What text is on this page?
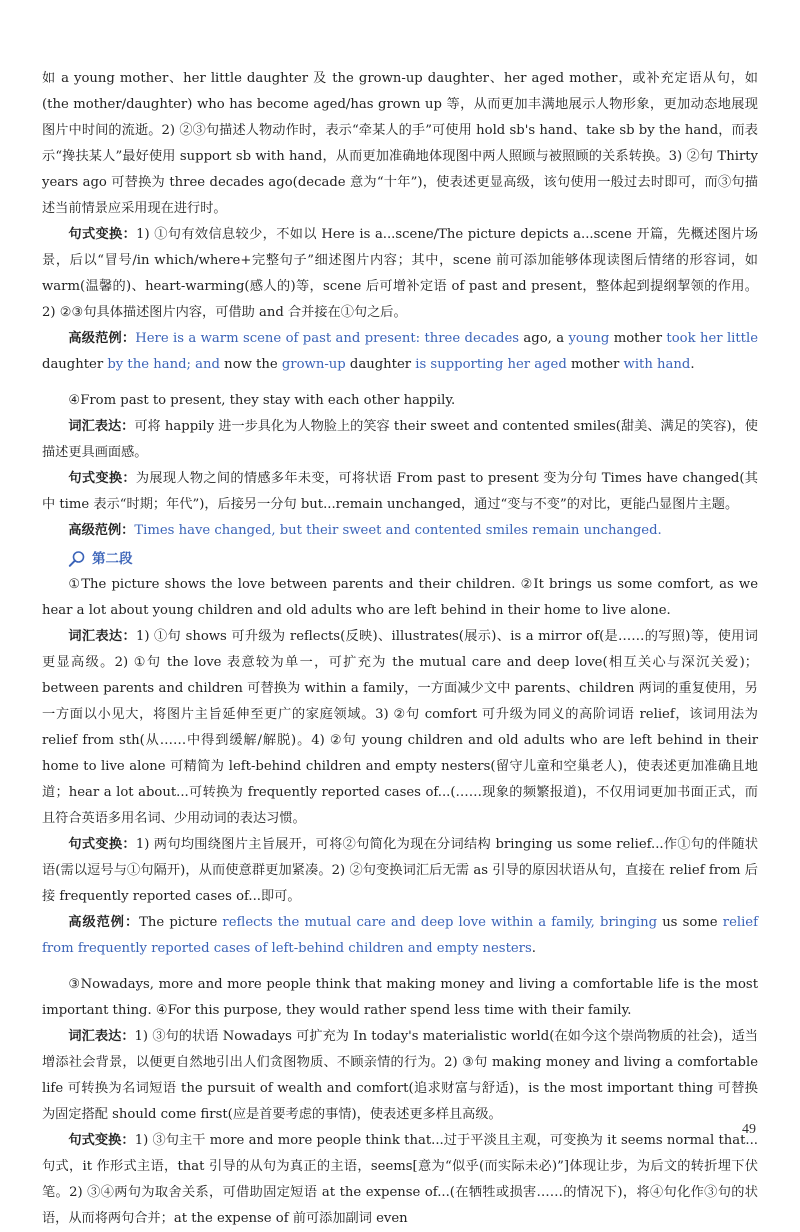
如 a young mother、her little daughter 及 the grown-up daughter、her aged mother，或补充定语从句，如(the mother/daughter) who has become aged/has grown up 等，从而更加丰满地展示人物形象，更加动态地展现图片中时间的流逝。2) ②③句描述人物动作时，表示“牵某人的手”可使用 hold sb's hand、take sb by the hand，而表示“搀扶某人”最好使用 support sb with hand，从而更加准确地体现图中两人照顾与被照顾的关系转换。3) ②句 Thirty years ago 可替换为 three decades ago(decade 意为“十年”)，使表述更显高级，该句使用一般过去时即可，而③句描述当前情景应采用现在进行时。

句式变换：1) ①句有效信息较少，不如以 Here is a...scene/The picture depicts a...scene 开篇，先概述图片场景，后以“冒号/in which/where+完整句子”细述图片内容；其中，scene 前可添加能够体现读图后情绪的形容词，如 warm(温馨的)、heart-warming(感人的)等，scene 后可增补定语 of past and present，整体起到提纲挈领的作用。2) ②③句具体描述图片内容，可借助 and 合并接在①句之后。

高级范例：Here is a warm scene of past and present: three decades ago, a young mother took her little daughter by the hand; and now the grown-up daughter is supporting her aged mother with hand.

④From past to present, they stay with each other happily.

词汇表达：可将 happily 进一步具化为人物脸上的笑容 their sweet and contented smiles(甜美、满足的笑容)，使描述更具画面感。

句式变换：为展现人物之间的情感多年未变，可将状语 From past to present 变为分句 Times have changed(其中 time 表示“时期；年代”)，后接另一分句 but...remain unchanged，通过“变与不变”的对比，更能凸显图片主题。

高级范例：Times have changed, but their sweet and contented smiles remain unchanged.

第二段

①The picture shows the love between parents and their children. ②It brings us some comfort, as we hear a lot about young children and old adults who are left behind in their home to live alone.

词汇表达：1) ①句 shows 可升级为 reflects(反映)、illustrates(展示)、is a mirror of(是……的写照)等，使用词更显高级。2) ①句 the love 表意较为单一，可扩充为 the mutual care and deep love(相互关心与深沉关爱)；between parents and children 可替换为 within a family，一方面减少文中 parents、children 两词的重复使用，另一方面以小见大，将图片主旨延伸至更广的家庭领域。3) ②句 comfort 可升级为同义的高阶词语 relief，该词用法为 relief from sth(从……中得到缓解/解脱)。4) ②句 young children and old adults who are left behind in their home to live alone 可精简为 left-behind children and empty nesters(留守儿童和空巢老人)，使表述更加准确且地道；hear a lot about...可转换为 frequently reported cases of...(……现象的频繁报道)，不仅用词更加书面正式，而且符合英语多用名词、少用动词的表达习惯。

句式变换：1) 两句均围绕图片主旨展开，可将②句简化为现在分词结构 bringing us some relief...作①句的伴随状语(需以逗号与①句隔开)，从而使意群更加紧凑。2) ②句变换词汇后无需 as 引导的原因状语从句，直接在 relief from 后接 frequently reported cases of...即可。

高级范例：The picture reflects the mutual care and deep love within a family, bringing us some relief from frequently reported cases of left-behind children and empty nesters.

③Nowadays, more and more people think that making money and living a comfortable life is the most important thing. ④For this purpose, they would rather spend less time with their family.

词汇表达：1) ③句的状语 Nowadays 可扩充为 In today's materialistic world(在如今这个崇尚物质的社会)，适当增添社会背景，以便更自然地引出人们贪图物质、不顾亲情的行为。2) ③句 making money and living a comfortable life 可转换为名词短语 the pursuit of wealth and comfort(追求财富与舒适)，is the most important thing 可替换为固定搭配 should come first(应是首要考虑的事情)，使表述更多样且高级。

句式变换：1) ③句主干 more and more people think that...过于平淡且主观，可变换为 it seems normal that...句式，it 作形式主语，that 引导的从句为真正的主语，seems[意为“似乎(而实际未必)”]体现让步，为后文的转折埋下伏笔。2) ③④两句为取舍关系，可借助固定短语 at the expense of...(在牺牲或损害……的情况下)，将④句化作③句的状语，从而将两句合并；at the expense of 前可添加副词 even

49
